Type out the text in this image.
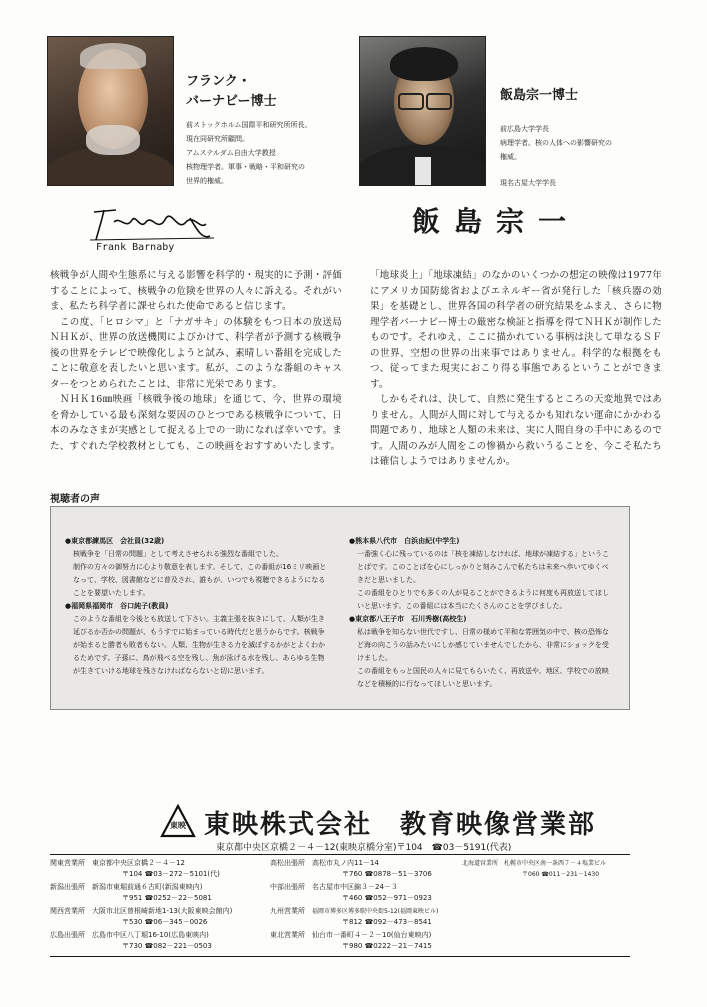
フランク・
バーナビー博士
前ストックホルム国際平和研究所所長。
現在同研究所顧問。
アムステルダム自由大学教授
核物理学者。軍事・戦略・平和研究の
世界的権威。
Frank Barnaby
核戦争が人間や生態系に与える影響を科学的・現実的に予測・評価することによって、核戦争の危険を世界の人々に訴える。それがいま、私たち科学者に課せられた使命であると信じます。
　この度、「ヒロシマ」と「ナガサキ」の体験をもつ日本の放送局ＮＨＫが、世界の放送機関によびかけて、科学者が予測する核戦争後の世界をテレビで映像化しようと試み、素晴しい番組を完成したことに敬意を表したいと思います。私が、このような番組のキャスターをつとめられたことは、非常に光栄であります。
　ＮＨＫ16㎜映画「核戦争後の地球」を通じて、今、世界の環境を脅かしている最も深刻な要因のひとつである核戦争について、日本のみなさまが実感として捉える上での一助になれば幸いです。また、すぐれた学校教材としても、この映画をおすすめいたします。
飯島宗一博士
前広島大学学長
病理学者。核の人体への影響研究の
権威。
現名古屋大学学長
飯島宗一
「地球炎上」「地球凍結」のなかのいくつかの想定の映像は1977年にアメリカ国防総省およびエネルギー省が発行した「核兵器の効果」を基礎とし、世界各国の科学者の研究結果をふまえ、さらに物理学者バーナビー博士の厳密な検証と指導を得てＮＨＫが制作したものです。それゆえ、ここに描かれている事柄は決して単なるＳＦの世界、空想の世界の出来事ではありません。科学的な根拠をもつ、従ってまた現実におこり得る事態であるということができます。
　しかもそれは、決して、自然に発生するところの天変地異ではありません。人間が人間に対して与えるかも知れない運命にかかわる問題であり、地球と人類の未来は、実に人間自身の手中にあるのです。人間のみが人間をこの惨禍から救いうることを、今こそ私たちは確信しようではありませんか。
視聴者の声
●東京都練馬区　会社員(32歳)
核戦争を「日常の問題」として考えさせられる強烈な番組でした。
制作の方々の御努力に心より敬意を表します。そして、この番組が16ミリ映画となって、学校、図書館などに普及され、誰もが、いつでも視聴できるようになることを要望いたします。
●福岡県福岡市　谷口純子(教員)
このような番組を今後とも放送して下さい。主義主張を抜きにして、人類が生き延びるか否かの問題が、もうすでに始まっている時代だと思うからです。核戦争が始まると勝者も敗者もない。人類、生物が生きる力を滅ぼするかがとよくわかるためです。子孫に、鳥が飛べる空を残し、魚が泳げる水を残し、あらゆる生物が生きていける地球を残さなければならないと切に思います。
●熊本県八代市　白浜由紀(中学生)
一番強く心に残っているのは「核を凍結しなければ、地球が凍結する」ということばです。このことばを心にしっかりと刻みこんで私たちは未来へ歩いてゆくべきだと思いました。
この番組をひとりでも多くの人が見ることができるように何度も再放送してほしいと思います。この番組には本当にたくさんのことを学びました。
●東京都八王子市　石川秀樹(高校生)
私は戦争を知らない世代ですし、日常の様めて平和な雰囲気の中で、核の恐怖など海の向こうの話みたいにしか感じていませんでしたから、非常にショックを受けました。
この番組をもっと国民の人々に見てもらいたく、再放送や、地区、学校での放映などを積極的に行なってほしいと思います。
東映 東映株式会社　教育映像営業部
東京都中央区京橋２－４－12(東映京橋分室)〒104　☎03－5191(代表)
関東営業所　 東京都中央区京橋２－４－12
〒104 ☎03－272－5101(代)
新潟出張所　 新潟市東堀前通６古町(新潟東映内)
〒951 ☎0252－22－5081
関西営業所　 大阪市北区曾根崎新地1-13(大阪東映会館内)
〒530 ☎06－345－0026
広島出張所　 広島市中区八丁堀16-10(広島東映内)
〒730 ☎082－221－0503
高松出張所　 高松市丸ノ内11－14
〒760 ☎0878－51－3706
中部出張所　 名古屋市中区錦３－24－３
〒460 ☎052－971－0923
九州営業所　 福岡市博多区博多駅中央街5-12(福岡東映ビル)
〒812 ☎092－473－8541
東北営業所　 仙台市一番町４－２－10(仙台東映内)
〒980 ☎0222－21－7415
北海道営業所　 札幌市中央区南一条西７－４塩業ビル
〒060 ☎011－231－1430
